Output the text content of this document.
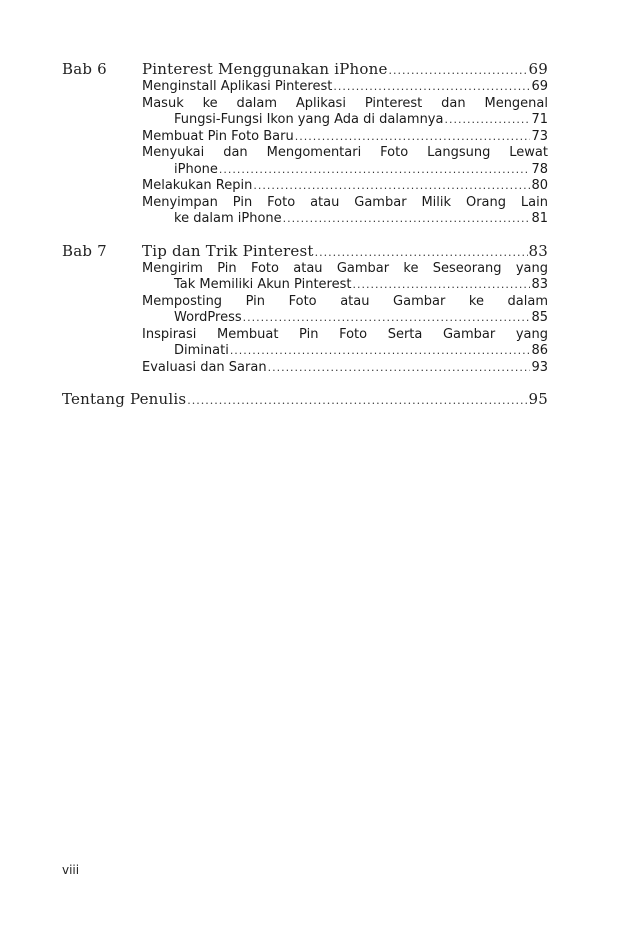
Bab 6	Pinterest Menggunakan iPhone .....	69
Menginstall Aplikasi Pinterest .....	69
Masuk ke dalam Aplikasi Pinterest dan Mengenal
Fungsi-Fungsi Ikon yang Ada di dalamnya .....	71
Membuat Pin Foto Baru .....	73
Menyukai dan Mengomentari Foto Langsung Lewat
iPhone .....	78
Melakukan Repin .....	80
Menyimpan Pin Foto atau Gambar Milik Orang Lain
ke dalam iPhone .....	81
Bab 7	Tip dan Trik Pinterest .....	83
Mengirim Pin Foto atau Gambar ke Seseorang yang
Tak Memiliki Akun Pinterest .....	83
Memposting Pin Foto atau Gambar ke dalam
WordPress .....	85
Inspirasi Membuat Pin Foto Serta Gambar yang
Diminati .....	86
Evaluasi dan Saran .....	93
Tentang Penulis .....	95
viii
